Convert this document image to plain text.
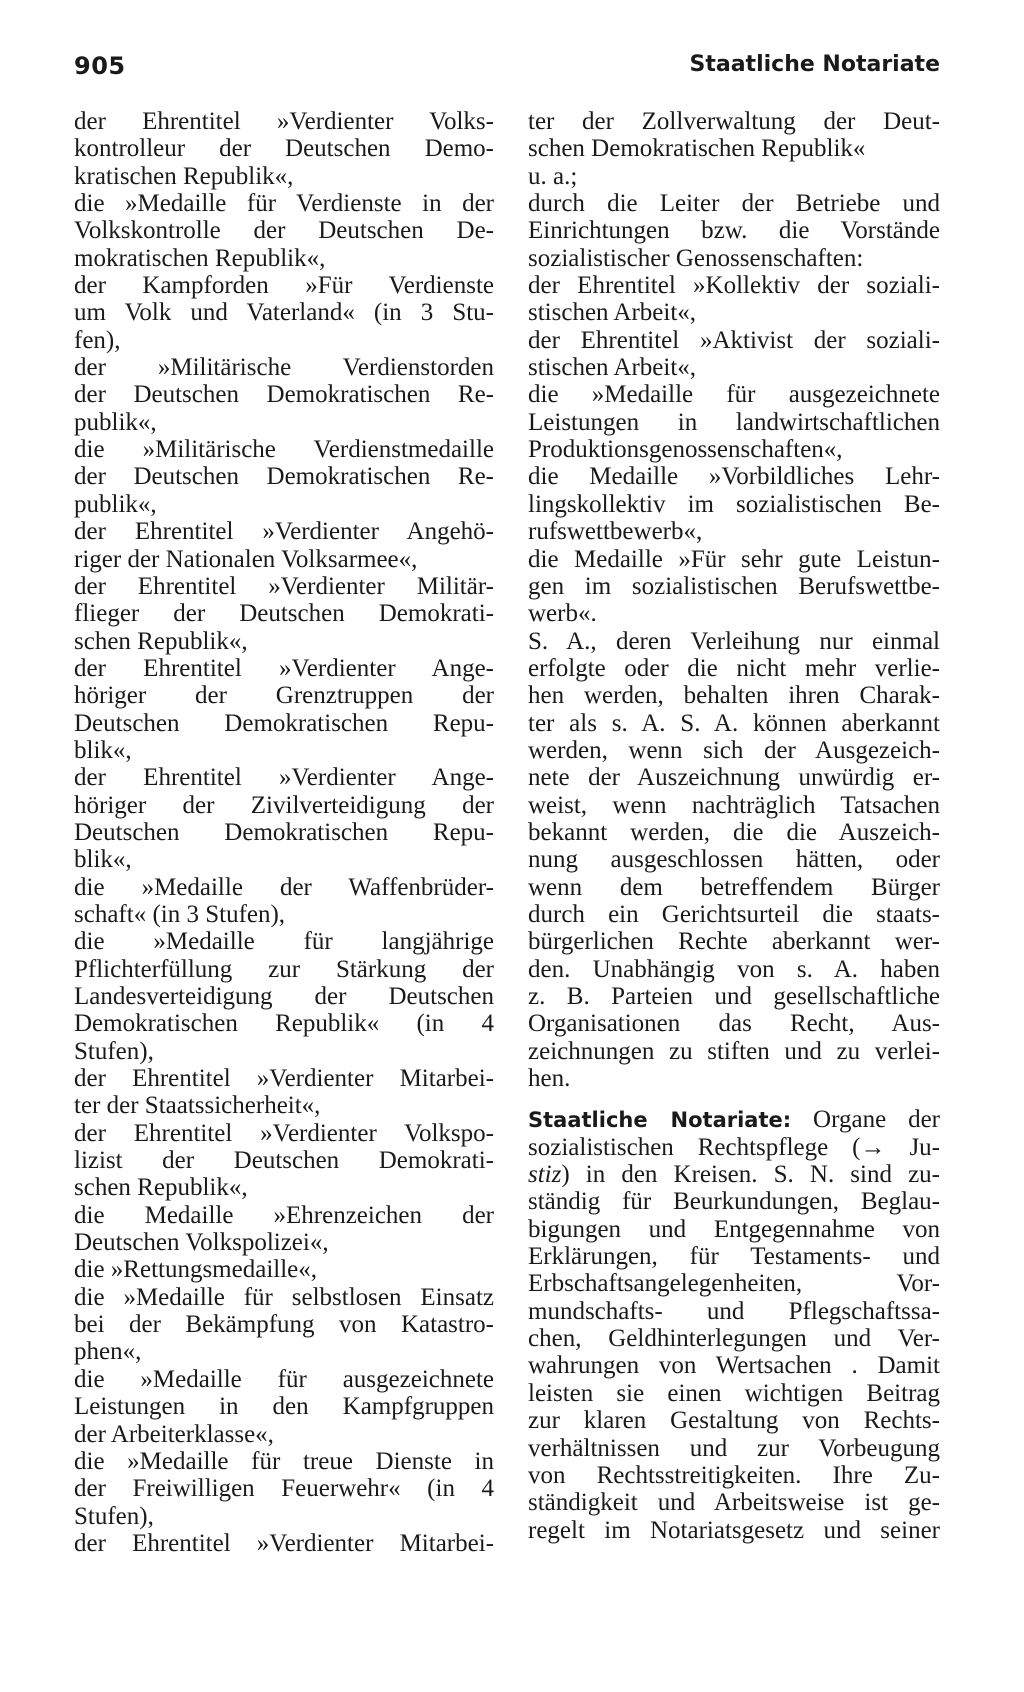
905	Staatliche Notariate
der Ehrentitel »Verdienter Volks-
kontrolleur der Deutschen Demo-
kratischen Republik«,
die »Medaille für Verdienste in der
Volkskontrolle der Deutschen De-
mokratischen Republik«,
der Kampforden »Für Verdienste
um Volk und Vaterland« (in 3 Stu-
fen),
der »Militärische Verdienstorden
der Deutschen Demokratischen Re-
publik«,
die »Militärische Verdienstmedaille
der Deutschen Demokratischen Re-
publik«,
der Ehrentitel »Verdienter Angehö-
riger der Nationalen Volksarmee«,
der Ehrentitel »Verdienter Militär-
flieger der Deutschen Demokrati-
schen Republik«,
der Ehrentitel »Verdienter Ange-
höriger der Grenztruppen der
Deutschen Demokratischen Repu-
blik«,
der Ehrentitel »Verdienter Ange-
höriger der Zivilverteidigung der
Deutschen Demokratischen Repu-
blik«,
die »Medaille der Waffenbrüder-
schaft« (in 3 Stufen),
die »Medaille für langjährige
Pflichterfüllung zur Stärkung der
Landesverteidigung der Deutschen
Demokratischen Republik« (in 4
Stufen),
der Ehrentitel »Verdienter Mitarbei-
ter der Staatssicherheit«,
der Ehrentitel »Verdienter Volkspo-
lizist der Deutschen Demokrati-
schen Republik«,
die Medaille »Ehrenzeichen der
Deutschen Volkspolizei«,
die »Rettungsmedaille«,
die »Medaille für selbstlosen Einsatz
bei der Bekämpfung von Katastro-
phen«,
die »Medaille für ausgezeichnete
Leistungen in den Kampfgruppen
der Arbeiterklasse«,
die »Medaille für treue Dienste in
der Freiwilligen Feuerwehr« (in 4
Stufen),
der Ehrentitel »Verdienter Mitarbei-
ter der Zollverwaltung der Deut-
schen Demokratischen Republik«
u. a.;
durch die Leiter der Betriebe und
Einrichtungen bzw. die Vorstände
sozialistischer Genossenschaften:
der Ehrentitel »Kollektiv der soziali-
stischen Arbeit«,
der Ehrentitel »Aktivist der soziali-
stischen Arbeit«,
die »Medaille für ausgezeichnete
Leistungen in landwirtschaftlichen
Produktionsgenossenschaften«,
die Medaille »Vorbildliches Lehr-
lingskollektiv im sozialistischen Be-
rufswettbewerb«,
die Medaille »Für sehr gute Leistun-
gen im sozialistischen Berufswettbe-
werb«.
S. A., deren Verleihung nur einmal
erfolgte oder die nicht mehr verlie-
hen werden, behalten ihren Charak-
ter als s. A. S. A. können aberkannt
werden, wenn sich der Ausgezeich-
nete der Auszeichnung unwürdig er-
weist, wenn nachträglich Tatsachen
bekannt werden, die die Auszeich-
nung ausgeschlossen hätten, oder
wenn dem betreffendem Bürger
durch ein Gerichtsurteil die staats-
bürgerlichen Rechte aberkannt wer-
den. Unabhängig von s. A. haben
z. B. Parteien und gesellschaftliche
Organisationen das Recht, Aus-
zeichnungen zu stiften und zu verlei-
hen.
Staatliche Notariate: Organe der
sozialistischen Rechtspflege (→ Ju-
stiz) in den Kreisen. S. N. sind zu-
ständig für Beurkundungen, Beglau-
bigungen und Entgegennahme von
Erklärungen, für Testaments- und
Erbschaftsangelegenheiten, Vor-
mundschafts- und Pflegschaftssa-
chen, Geldhinterlegungen und Ver-
wahrungen von Wertsachen . Damit
leisten sie einen wichtigen Beitrag
zur klaren Gestaltung von Rechts-
verhältnissen und zur Vorbeugung
von Rechtsstreitigkeiten. Ihre Zu-
ständigkeit und Arbeitsweise ist ge-
regelt im Notariatsgesetz und seiner
